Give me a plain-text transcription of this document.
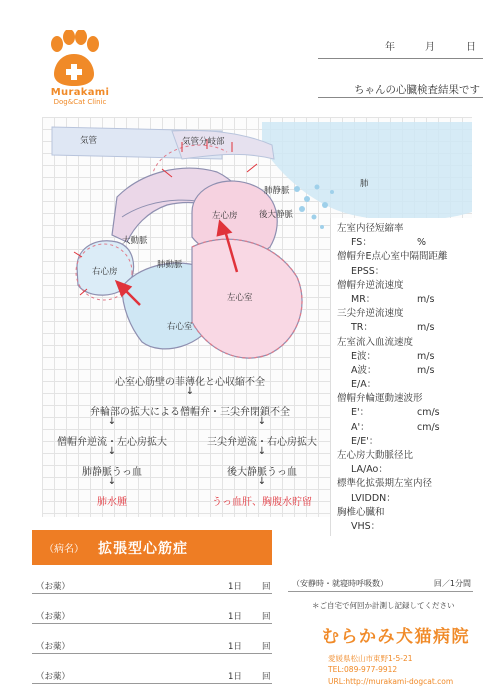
Murakami
Dog&Cat Clinic
年	月	日
ちゃんの心臓検査結果です
気管	気管分岐部
肺静脈
肺
左心房	後大静脈
大動脈
右心房
肺動脈
左心室
右心室
左室内径短縮率
FS：	%
僧帽弁E点心室中隔間距離
EPSS：
僧帽弁逆流速度
MR：	m/s
三尖弁逆流速度
TR：	m/s
左室流入血流速度
E波：	m/s
A波：	m/s
E/A：
僧帽弁輪運動速波形
E'：	cm/s
A'：	cm/s
E/E'：
左心房大動脈径比
LA/Ao：
標準化拡張期左室内径
LVIDDN：
胸椎心臓和
VHS：
心室心筋壁の菲薄化と心収縮不全
↓
弁輪部の拡大による僧帽弁・三尖弁閉鎖不全
↓	↓
僧帽弁逆流・左心房拡大	三尖弁逆流・右心房拡大
↓	↓
肺静脈うっ血	後大静脈うっ血
↓	↓
肺水腫	うっ血肝、胸腹水貯留
（病名） 拡張型心筋症
（お薬）	1日 回
（お薬）	1日 回
（お薬）	1日 回
（お薬）	1日 回
（安静時・就寝時呼吸数）	回／1分間
＊ご自宅で何回か計測し記録してください
むらかみ犬猫病院
愛媛県松山市東野1-5-21
TEL:089-977-9912
URL:http://murakami-dogcat.com
